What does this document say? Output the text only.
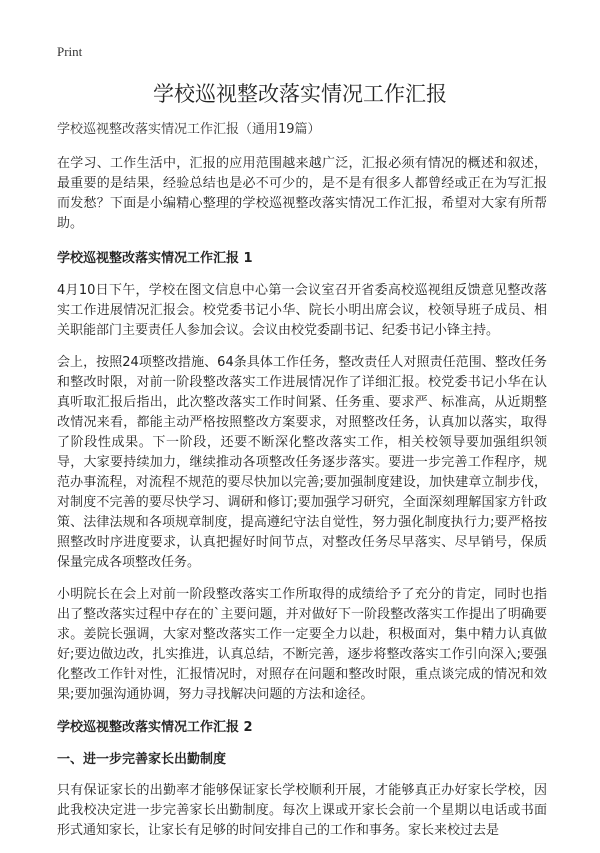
Print
学校巡视整改落实情况工作汇报

学校巡视整改落实情况工作汇报（通用19篇）

在学习、工作生活中，汇报的应用范围越来越广泛，汇报必须有情况的概述和叙述，最重要的是结果，经验总结也是必不可少的，是不是有很多人都曾经或正在为写汇报而发愁？下面是小编精心整理的学校巡视整改落实情况工作汇报，希望对大家有所帮助。

学校巡视整改落实情况工作汇报 1

4月10日下午，学校在图文信息中心第一会议室召开省委高校巡视组反馈意见整改落实工作进展情况汇报会。校党委书记小华、院长小明出席会议，校领导班子成员、相关职能部门主要责任人参加会议。会议由校党委副书记、纪委书记小锋主持。

会上，按照24项整改措施、64条具体工作任务，整改责任人对照责任范围、整改任务和整改时限，对前一阶段整改落实工作进展情况作了详细汇报。校党委书记小华在认真听取汇报后指出，此次整改落实工作时间紧、任务重、要求严、标准高，从近期整改情况来看，都能主动严格按照整改方案要求，对照整改任务，认真加以落实，取得了阶段性成果。下一阶段，还要不断深化整改落实工作，相关校领导要加强组织领导，大家要持续加力，继续推动各项整改任务逐步落实。要进一步完善工作程序，规范办事流程，对流程不规范的要尽快加以完善;要加强制度建设，加快建章立制步伐，对制度不完善的要尽快学习、调研和修订;要加强学习研究，全面深刻理解国家方针政策、法律法规和各项规章制度，提高遵纪守法自觉性，努力强化制度执行力;要严格按照整改时序进度要求，认真把握好时间节点，对整改任务尽早落实、尽早销号，保质保量完成各项整改任务。

小明院长在会上对前一阶段整改落实工作所取得的成绩给予了充分的肯定，同时也指出了整改落实过程中存在的`主要问题，并对做好下一阶段整改落实工作提出了明确要求。姜院长强调，大家对整改落实工作一定要全力以赴，积极面对，集中精力认真做好;要边做边改，扎实推进，认真总结，不断完善，逐步将整改落实工作引向深入;要强化整改工作针对性，汇报情况时，对照存在问题和整改时限，重点谈完成的情况和效果;要加强沟通协调，努力寻找解决问题的方法和途径。

学校巡视整改落实情况工作汇报 2
一、进一步完善家长出勤制度

只有保证家长的出勤率才能够保证家长学校顺利开展，才能够真正办好家长学校，因此我校决定进一步完善家长出勤制度。每次上课或开家长会前一个星期以电话或书面形式通知家长，让家长有足够的时间安排自己的工作和事务。家长来校过去是
